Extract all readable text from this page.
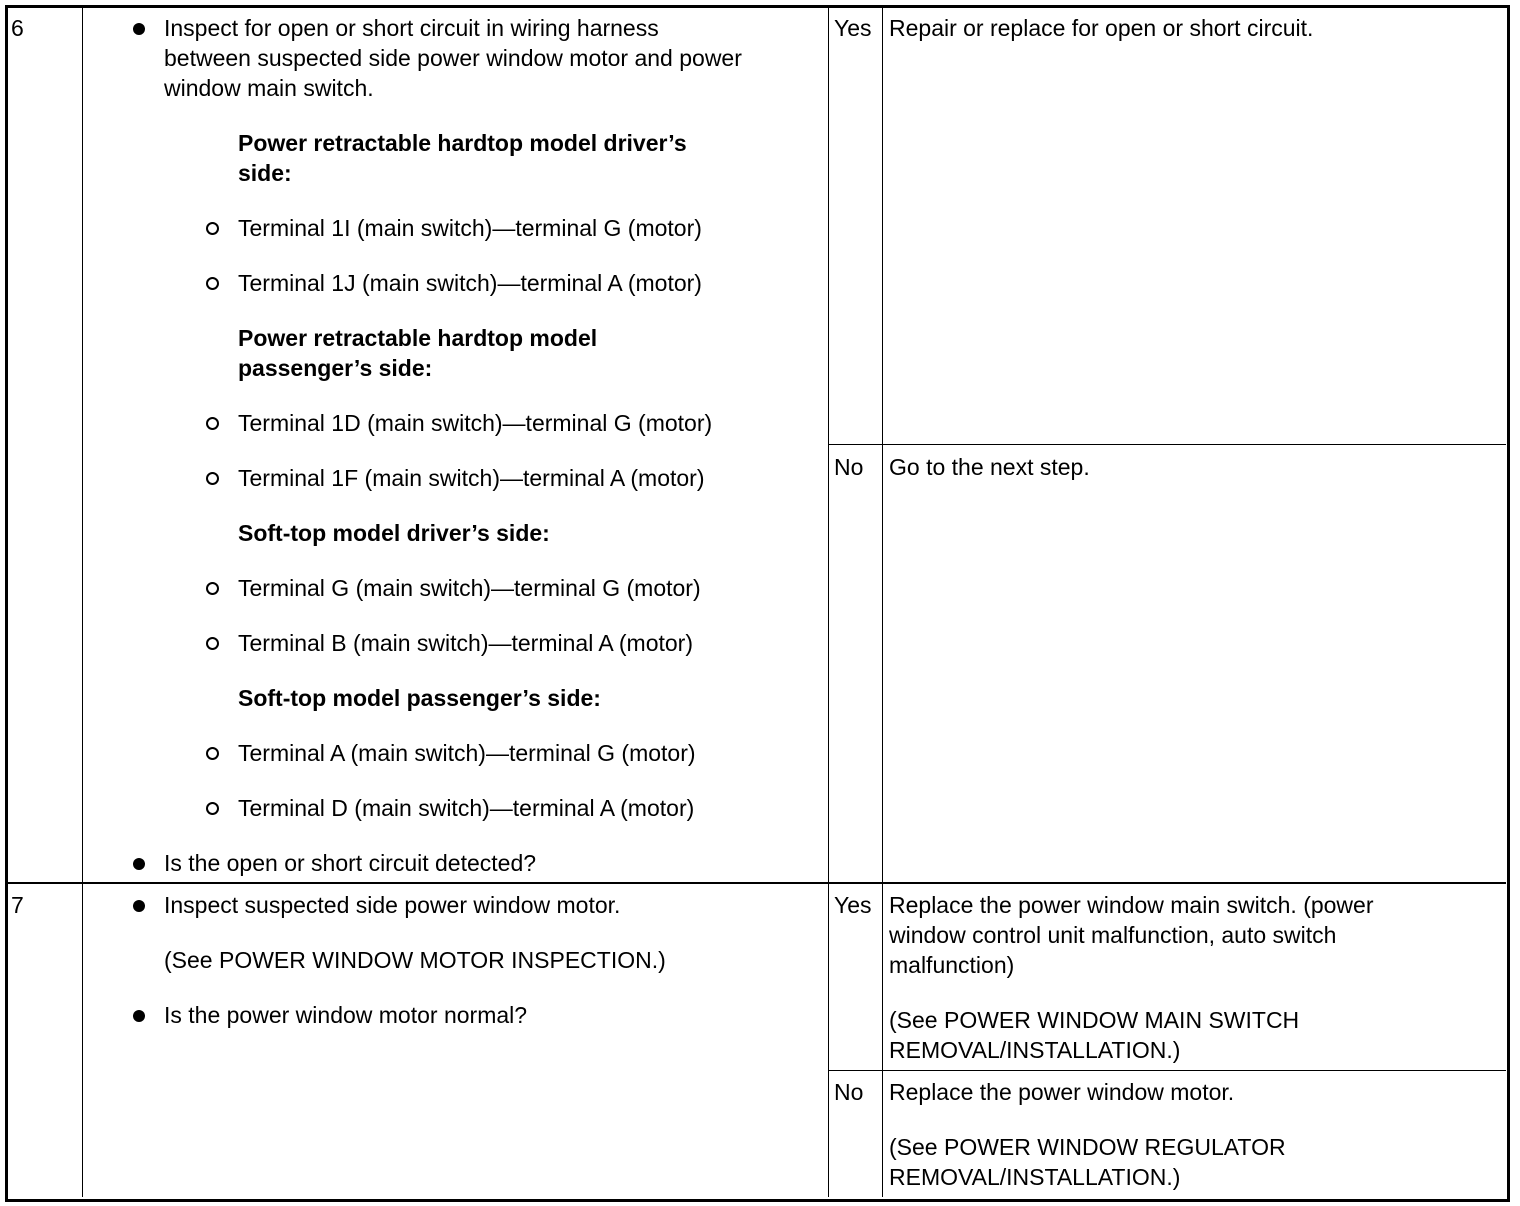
6	Inspect for open or short circuit in wiring harness
between suspected side power window motor and power
window main switch.
Power retractable hardtop model driver’s
side:
Terminal 1I (main switch)—terminal G (motor)
Terminal 1J (main switch)—terminal A (motor)
Power retractable hardtop model
passenger’s side:
Terminal 1D (main switch)—terminal G (motor)
Terminal 1F (main switch)—terminal A (motor)
Soft-top model driver’s side:
Terminal G (main switch)—terminal G (motor)
Terminal B (main switch)—terminal A (motor)
Soft-top model passenger’s side:
Terminal A (main switch)—terminal G (motor)
Terminal D (main switch)—terminal A (motor)
Is the open or short circuit detected?
Yes Repair or replace for open or short circuit.
No Go to the next step.
7	Inspect suspected side power window motor.
(See POWER WINDOW MOTOR INSPECTION.)
Is the power window motor normal?
Yes Replace the power window main switch. (power
window control unit malfunction, auto switch
malfunction)
(See POWER WINDOW MAIN SWITCH
REMOVAL/INSTALLATION.)
No Replace the power window motor.
(See POWER WINDOW REGULATOR
REMOVAL/INSTALLATION.)
